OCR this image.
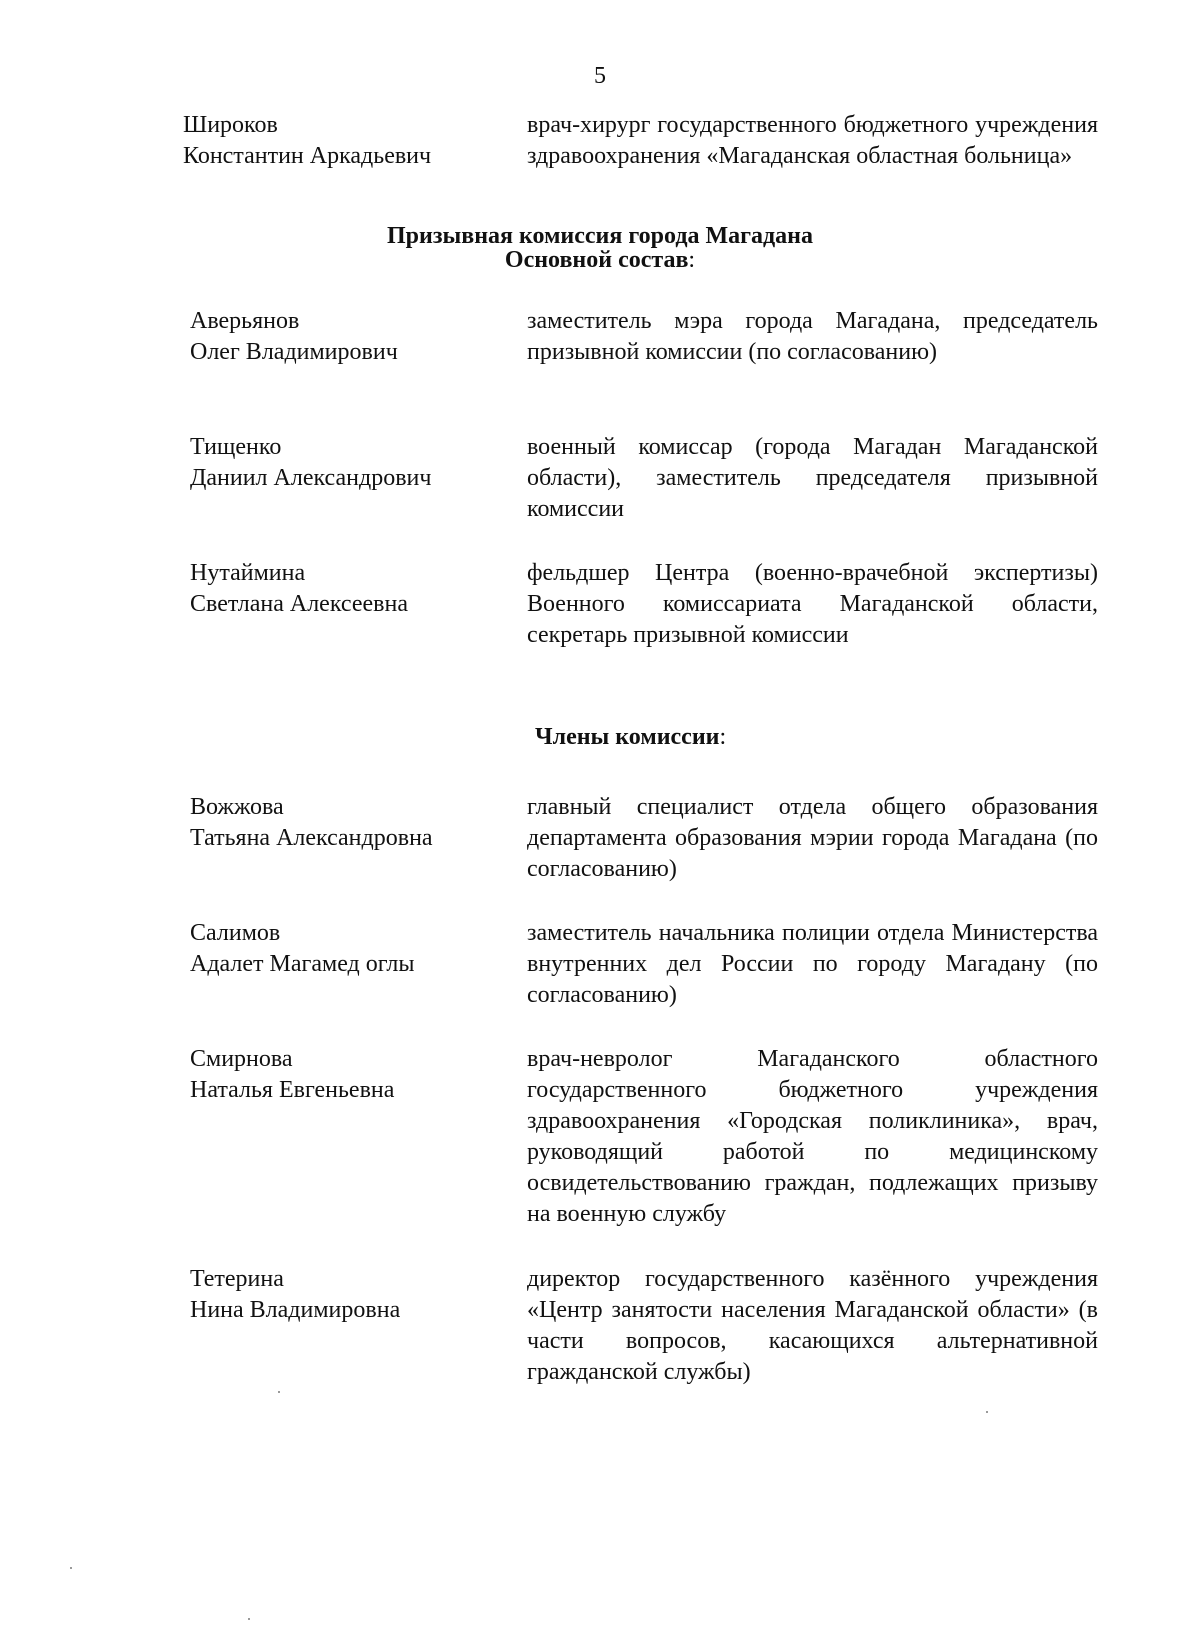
5
Широков
Константин Аркадьевич
врач-хирург государственного бюджетного учреждения здравоохранения «Магаданская областная больница»
Призывная комиссия города Магадана
Основной состав:
Аверьянов
Олег Владимирович
заместитель мэра города Магадана, председатель призывной комиссии (по согласованию)
Тищенко
Даниил Александрович
военный комиссар (города Магадан Магаданской области), заместитель председателя призывной комиссии
Нутаймина
Светлана Алексеевна
фельдшер Центра (военно-врачебной экспертизы) Военного комиссариата Магаданской области, секретарь призывной комиссии
Члены комиссии:
Вожжова
Татьяна Александровна
главный специалист отдела общего образования департамента образования мэрии города Магадана (по согласованию)
Салимов
Адалет Магамед оглы
заместитель начальника полиции отдела Министерства внутренних дел России по городу Магадану (по согласованию)
Смирнова
Наталья Евгеньевна
врач-невролог Магаданского областного государственного бюджетного учреждения здравоохранения «Городская поликлиника», врач, руководящий работой по медицинскому освидетельствованию граждан, подлежащих призыву на военную службу
Тетерина
Нина Владимировна
директор государственного казённого учреждения «Центр занятости населения Магаданской области» (в части вопросов, касающихся альтернативной гражданской службы)
